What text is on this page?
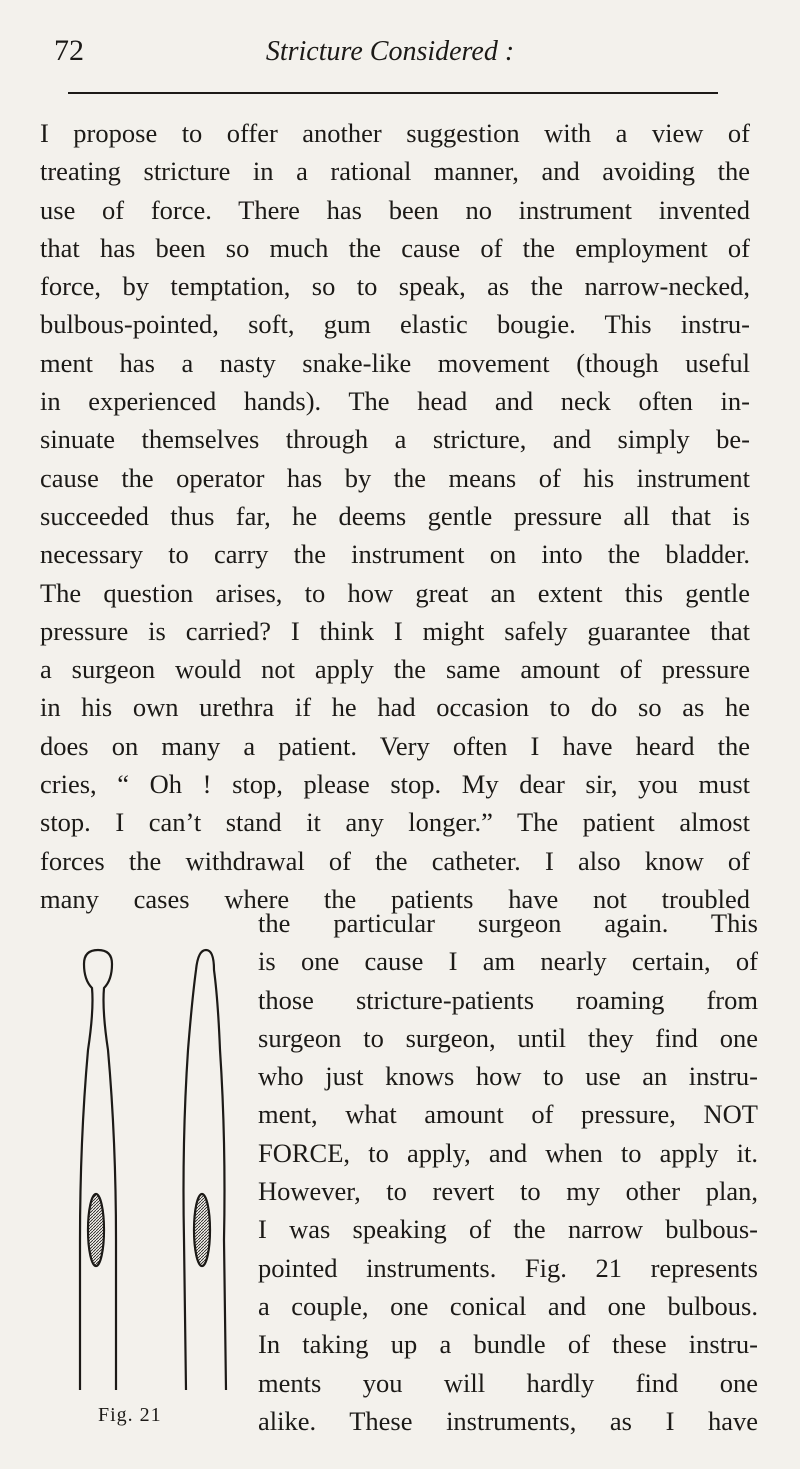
72	Stricture Considered :
I propose to offer another suggestion with a view of
treating stricture in a rational manner, and avoiding the
use of force. There has been no instrument invented
that has been so much the cause of the employment of
force, by temptation, so to speak, as the narrow-necked,
bulbous-pointed, soft, gum elastic bougie. This instru-
ment has a nasty snake-like movement (though useful
in experienced hands). The head and neck often in-
sinuate themselves through a stricture, and simply be-
cause the operator has by the means of his instrument
succeeded thus far, he deems gentle pressure all that is
necessary to carry the instrument on into the bladder.
The question arises, to how great an extent this gentle
pressure is carried? I think I might safely guarantee that
a surgeon would not apply the same amount of pressure
in his own urethra if he had occasion to do so as he
does on many a patient. Very often I have heard the
cries, “ Oh ! stop, please stop. My dear sir, you must
stop. I can’t stand it any longer.” The patient almost
forces the withdrawal of the catheter. I also know of
many cases where the patients have not troubled
the particular surgeon again. This
is one cause I am nearly certain, of
those stricture-patients roaming from
surgeon to surgeon, until they find one
who just knows how to use an instru-
ment, what amount of pressure, NOT
FORCE, to apply, and when to apply it.
However, to revert to my other plan,
I was speaking of the narrow bulbous-
pointed instruments. Fig. 21 represents
a couple, one conical and one bulbous.
In taking up a bundle of these instru-
ments you will hardly find one
alike. These instruments, as I have
Fig. 21
